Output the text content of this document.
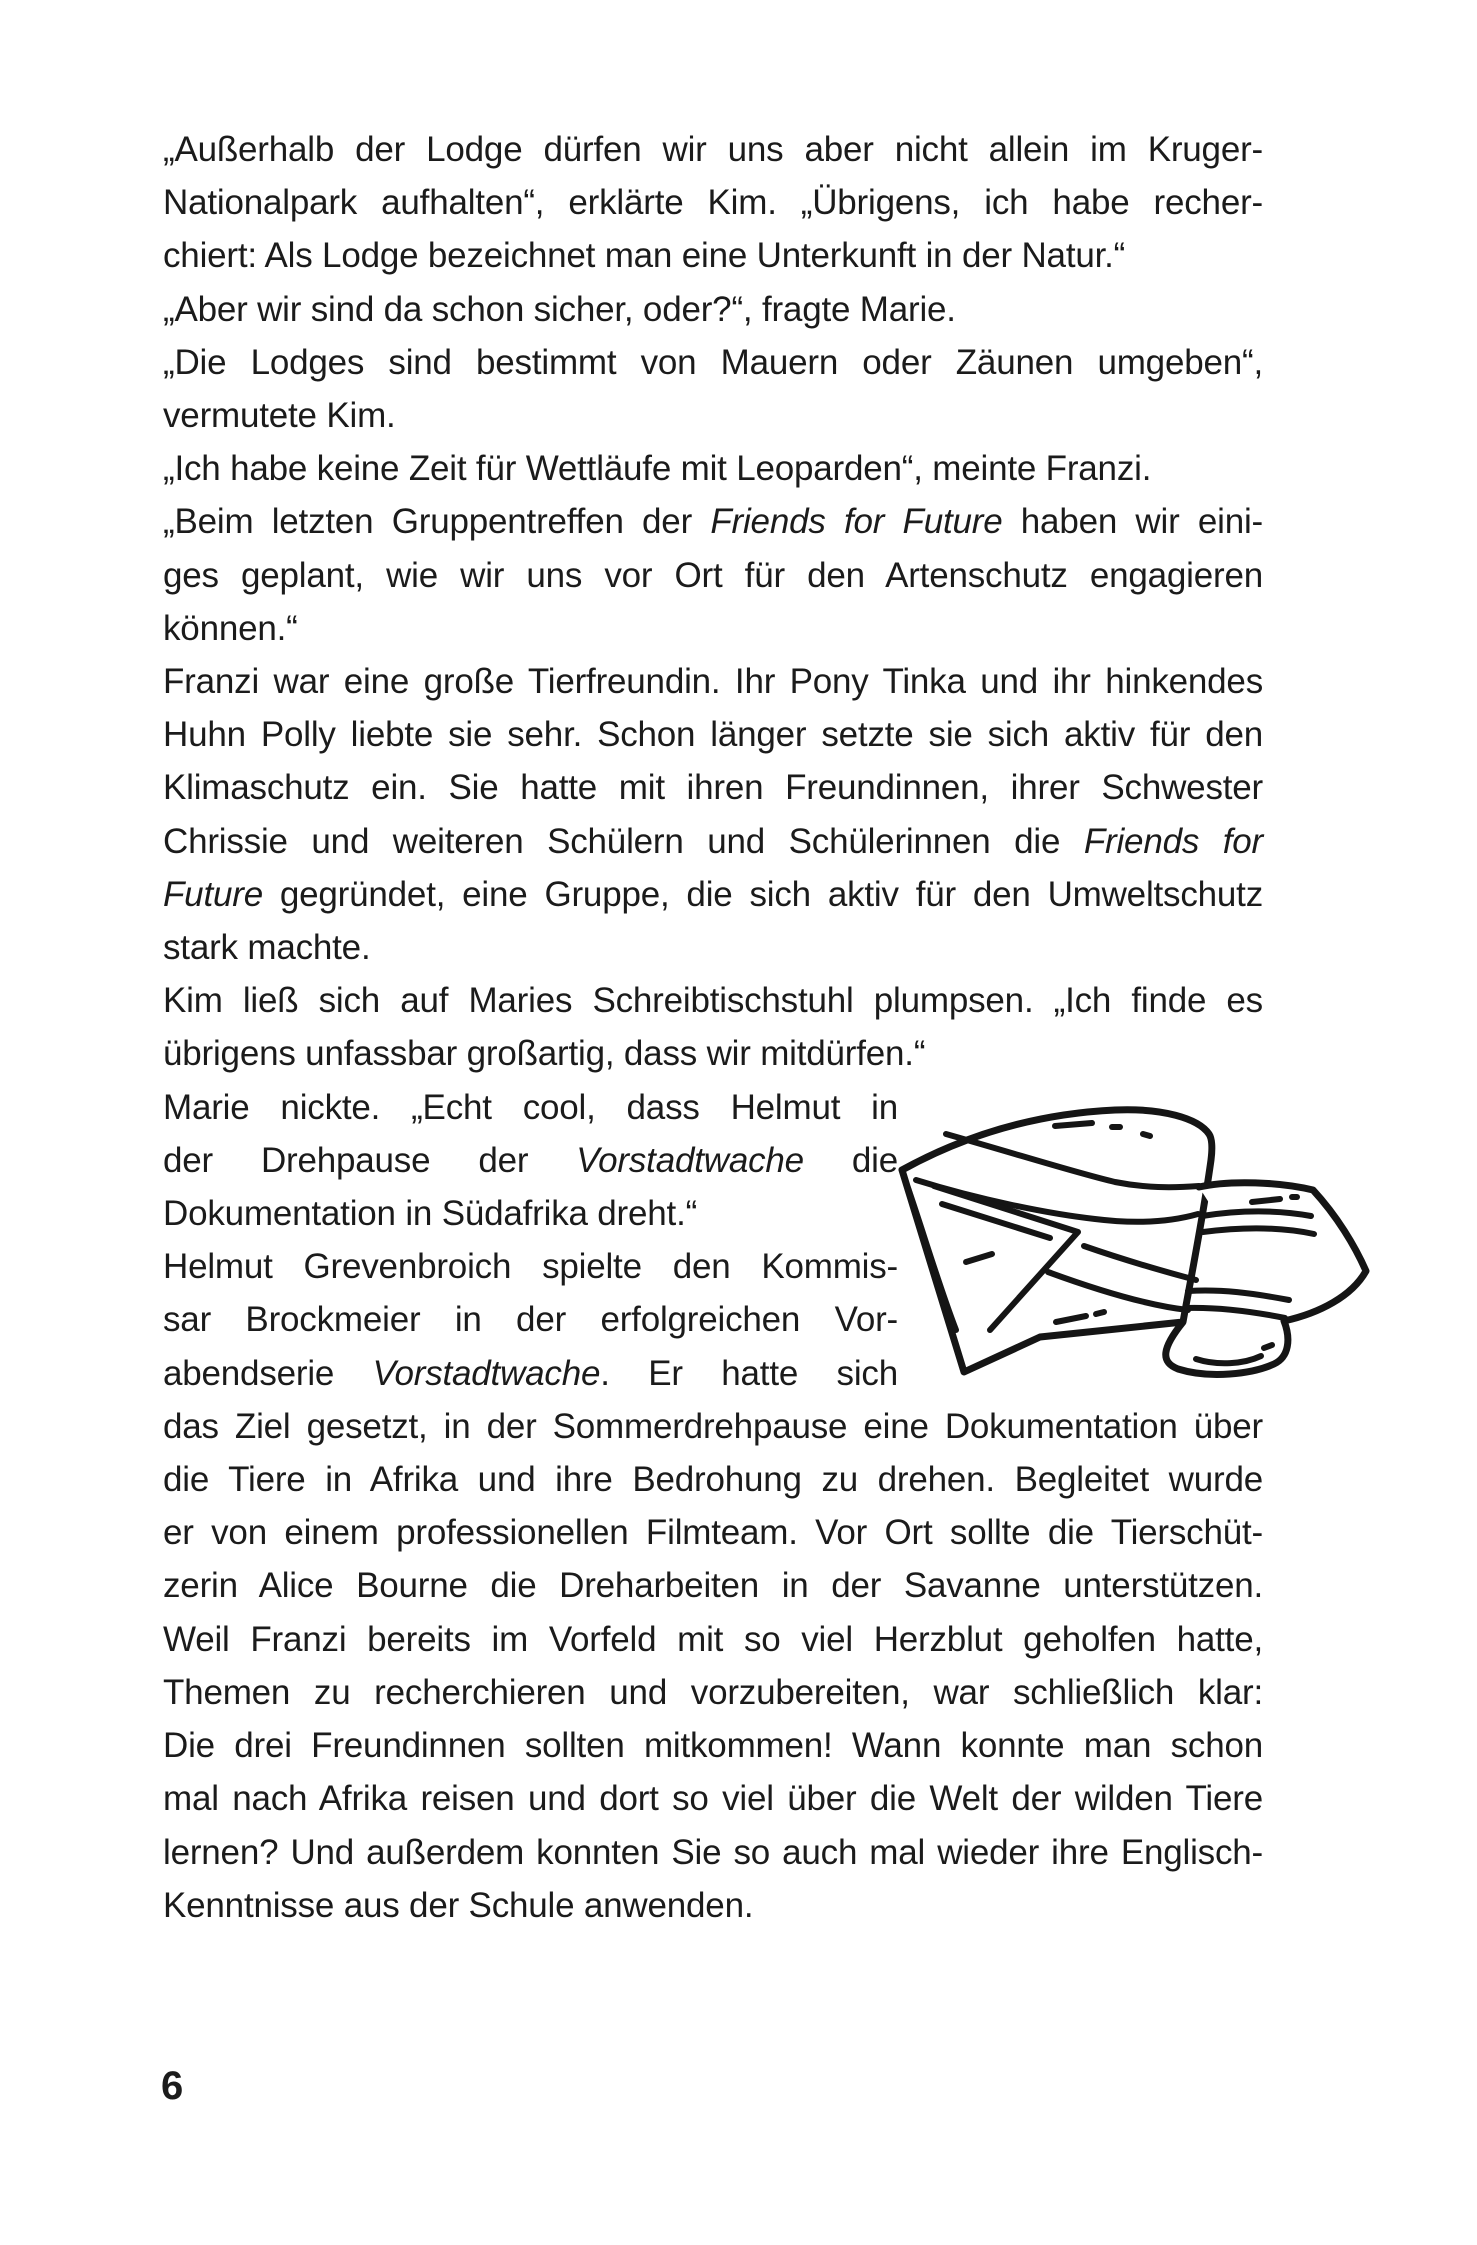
„Außerhalb der Lodge dürfen wir uns aber nicht allein im Kruger-
Nationalpark aufhalten“, erklärte Kim. „Übrigens, ich habe recher-
chiert: Als Lodge bezeichnet man eine Unterkunft in der Natur.“
„Aber wir sind da schon sicher, oder?“, fragte Marie.
„Die Lodges sind bestimmt von Mauern oder Zäunen umgeben“,
vermutete Kim.
„Ich habe keine Zeit für Wettläufe mit Leoparden“, meinte Franzi.
„Beim letzten Gruppentreffen der Friends for Future haben wir eini-
ges geplant, wie wir uns vor Ort für den Artenschutz engagieren
können.“
Franzi war eine große Tierfreundin. Ihr Pony Tinka und ihr hinkendes
Huhn Polly liebte sie sehr. Schon länger setzte sie sich aktiv für den
Klimaschutz ein. Sie hatte mit ihren Freundinnen, ihrer Schwester
Chrissie und weiteren Schülern und Schülerinnen die Friends for
Future gegründet, eine Gruppe, die sich aktiv für den Umweltschutz
stark machte.
Kim ließ sich auf Maries Schreibtischstuhl plumpsen. „Ich finde es
übrigens unfassbar großartig, dass wir mitdürfen.“
Marie nickte. „Echt cool, dass Helmut in
der Drehpause der Vorstadtwache die
Dokumentation in Südafrika dreht.“
Helmut Grevenbroich spielte den Kommis-
sar Brockmeier in der erfolgreichen Vor-
abendserie Vorstadtwache. Er hatte sich
das Ziel gesetzt, in der Sommerdrehpause eine Dokumentation über
die Tiere in Afrika und ihre Bedrohung zu drehen. Begleitet wurde
er von einem professionellen Filmteam. Vor Ort sollte die Tierschüt-
zerin Alice Bourne die Dreharbeiten in der Savanne unterstützen.
Weil Franzi bereits im Vorfeld mit so viel Herzblut geholfen hatte,
Themen zu recherchieren und vorzubereiten, war schließlich klar:
Die drei Freundinnen sollten mitkommen! Wann konnte man schon
mal nach Afrika reisen und dort so viel über die Welt der wilden Tiere
lernen? Und außerdem konnten Sie so auch mal wieder ihre Englisch-
Kenntnisse aus der Schule anwenden.
6
